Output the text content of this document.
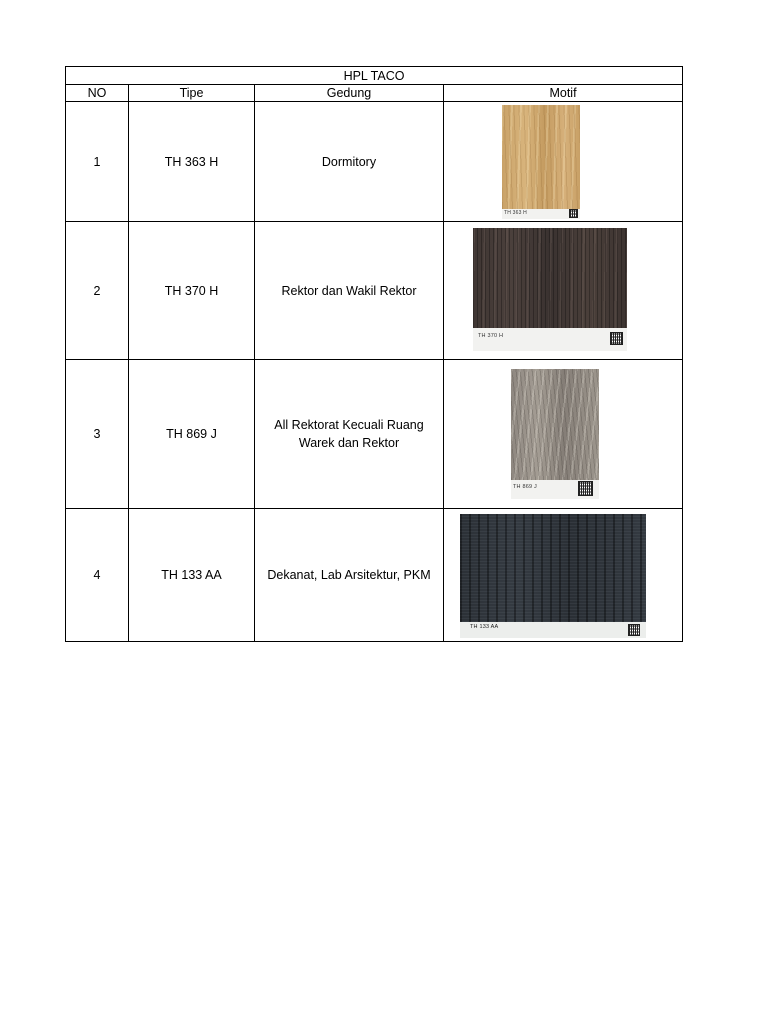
HPL TACO			
NO	Tipe	Gedung	Motif
1	TH 363 H	Dormitory	TH 363 H

2	TH 370 H	Rektor dan Wakil Rektor	TH 370 H

3	TH 869 J	All Rektorat Kecuali Ruang Warek dan Rektor	TH 869 J

4	TH 133 AA	Dekanat, Lab Arsitektur, PKM	TH 133 AA
